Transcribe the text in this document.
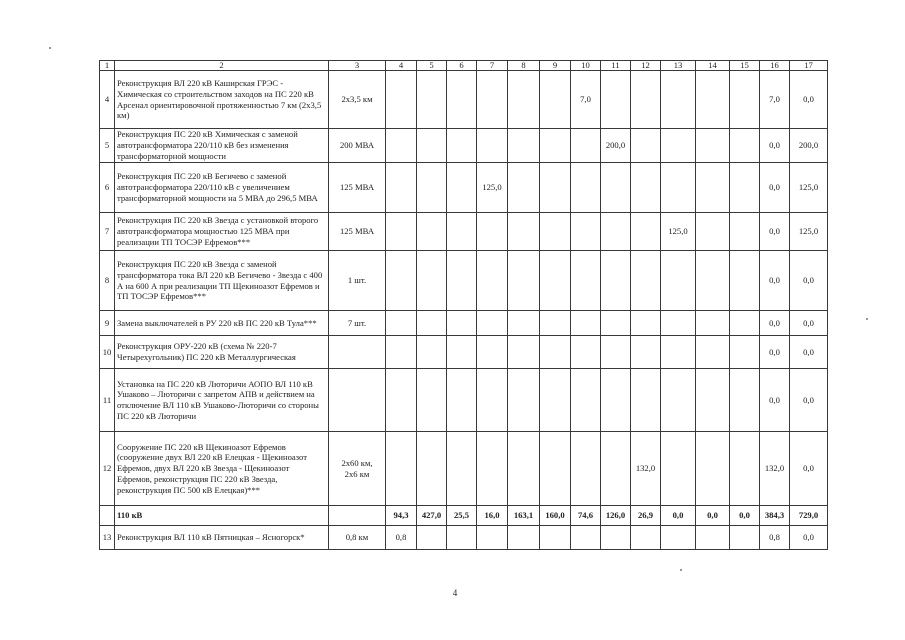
1	2	3	4	5	6	7	8	9	10	11	12	13	14	15	16	17
4	Реконструкция ВЛ 220 кВ Каширская ГРЭС - Химическая со строительством заходов на ПС 220 кВ Арсенал ориентировочной протяженностью 7 км (2х3,5 км)	2х3,5 км							7,0						7,0	0,0
5	Реконструкция ПС 220 кВ Химическая с заменой автотрансформатора 220/110 кВ без изменения трансформаторной мощности	200 МВА								200,0					0,0	200,0
6	Реконструкция ПС 220 кВ Бегичево с заменой автотрансформатора 220/110 кВ с увеличением трансформаторной мощности на 5 МВА до 296,5 МВА	125 МВА				125,0									0,0	125,0
7	Реконструкция ПС 220 кВ Звезда с установкой второго автотрансформатора мощностью 125 МВА при реализации ТП ТОСЭР Ефремов***	125 МВА										125,0			0,0	125,0
8	Реконструкция ПС 220 кВ Звезда с заменой трансформатора тока ВЛ 220 кВ Бегичево - Звезда с 400 А на 600 А при реализации ТП Щекиноазот Ефремов и ТП ТОСЭР Ефремов***	1 шт.													0,0	0,0
9	Замена выключателей в РУ 220 кВ ПС 220 кВ Тула***	7 шт.													0,0	0,0
10	Реконструкция ОРУ-220 кВ (схема № 220-7 Четырехугольник) ПС 220 кВ Металлургическая														0,0	0,0
11	Установка на ПС 220 кВ Люторичи АОПО ВЛ 110 кВ Ушаково – Люторичи с запретом АПВ и действием на отключение ВЛ 110 кВ Ушаково-Люторичи со стороны ПС 220 кВ Люторичи														0,0	0,0
12	Сооружение ПС 220 кВ Щекиноазот Ефремов (сооружение двух ВЛ 220 кВ Елецкая - Щекиноазот Ефремов, двух ВЛ 220 кВ Звезда - Щекиноазот Ефремов, реконструкция ПС 220 кВ Звезда, реконструкция ПС 500 кВ Елецкая)***	2х60 км,
2х6 км									132,0				132,0	0,0
	110 кВ		94,3	427,0	25,5	16,0	163,1	160,0	74,6	126,0	26,9	0,0	0,0	0,0	384,3	729,0
13	Реконструкция ВЛ 110 кВ Пятницкая – Ясногорск*	0,8 км	0,8												0,8	0,0
4
